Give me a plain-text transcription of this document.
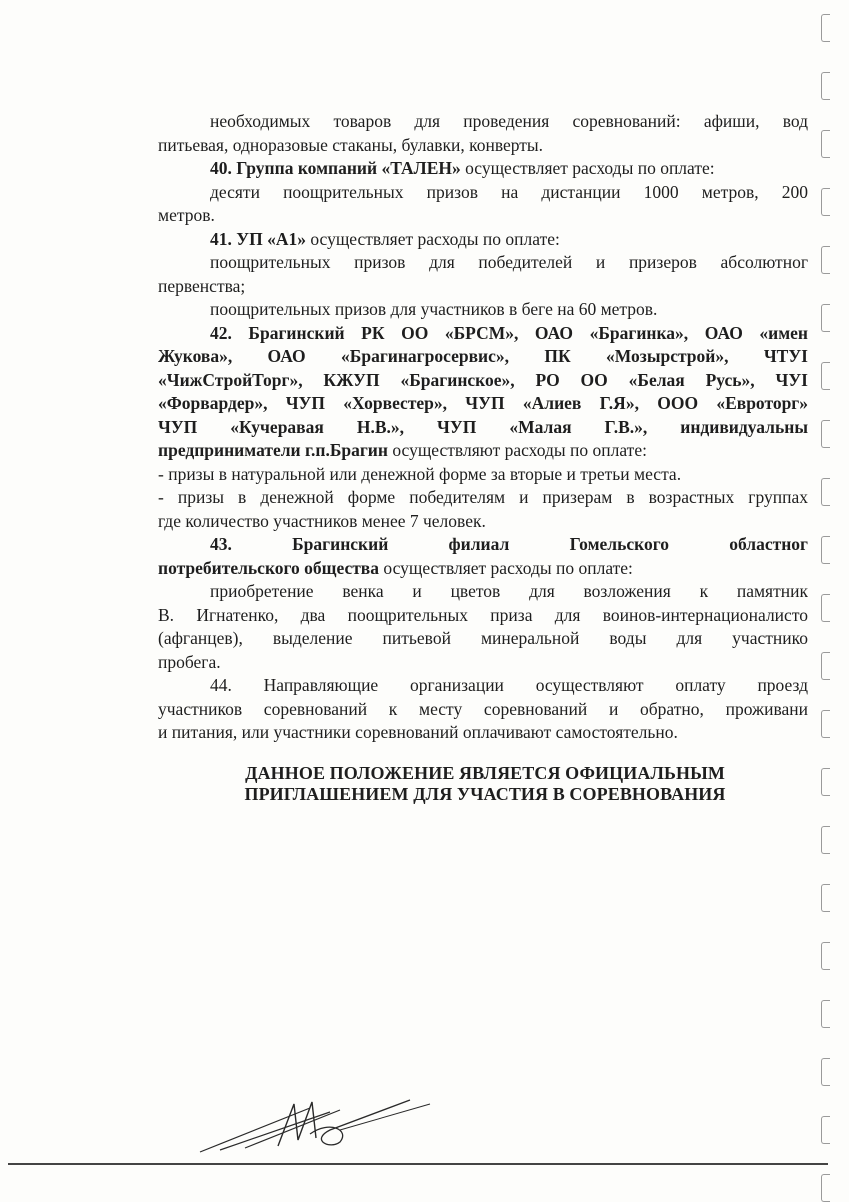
необходимых товаров для проведения соревнований: афиши, вод
питьевая, одноразовые стаканы, булавки, конверты.
40. Группа компаний «ТАЛЕН» осуществляет расходы по оплате:
десяти поощрительных призов на дистанции 1000 метров, 200
метров.
41. УП «А1» осуществляет расходы по оплате:
поощрительных призов для победителей и призеров абсолютног
первенства;
поощрительных призов для участников в беге на 60 метров.
42. Брагинский РК ОО «БРСМ», ОАО «Брагинка», ОАО «имен
Жукова», ОАО «Брагинагросервис», ПК «Мозырстрой», ЧТУІ
«ЧижСтройТорг», КЖУП «Брагинское», РО ОО «Белая Русь», ЧУІ
«Форвардер», ЧУП «Хорвестер», ЧУП «Алиев Г.Я», ООО «Евроторг»
ЧУП «Кучеравая Н.В.», ЧУП «Малая Г.В.», индивидуальны
предприниматели г.п.Брагин осуществляют расходы по оплате:
- призы в натуральной или денежной форме за вторые и третьи места.
- призы в денежной форме победителям и призерам в возрастных группах
где количество участников менее 7 человек.
43. Брагинский филиал Гомельского областног
потребительского общества осуществляет расходы по оплате:
приобретение венка и цветов для возложения к памятник
В. Игнатенко, два поощрительных приза для воинов-интернационалисто
(афганцев), выделение питьевой минеральной воды для участнико
пробега.
44. Направляющие организации осуществляют оплату проезд
участников соревнований к месту соревнований и обратно, проживани
и питания, или участники соревнований оплачивают самостоятельно.
ДАННОЕ ПОЛОЖЕНИЕ ЯВЛЯЕТСЯ ОФИЦИАЛЬНЫМ
ПРИГЛАШЕНИЕМ ДЛЯ УЧАСТИЯ В СОРЕВНОВАНИЯ
